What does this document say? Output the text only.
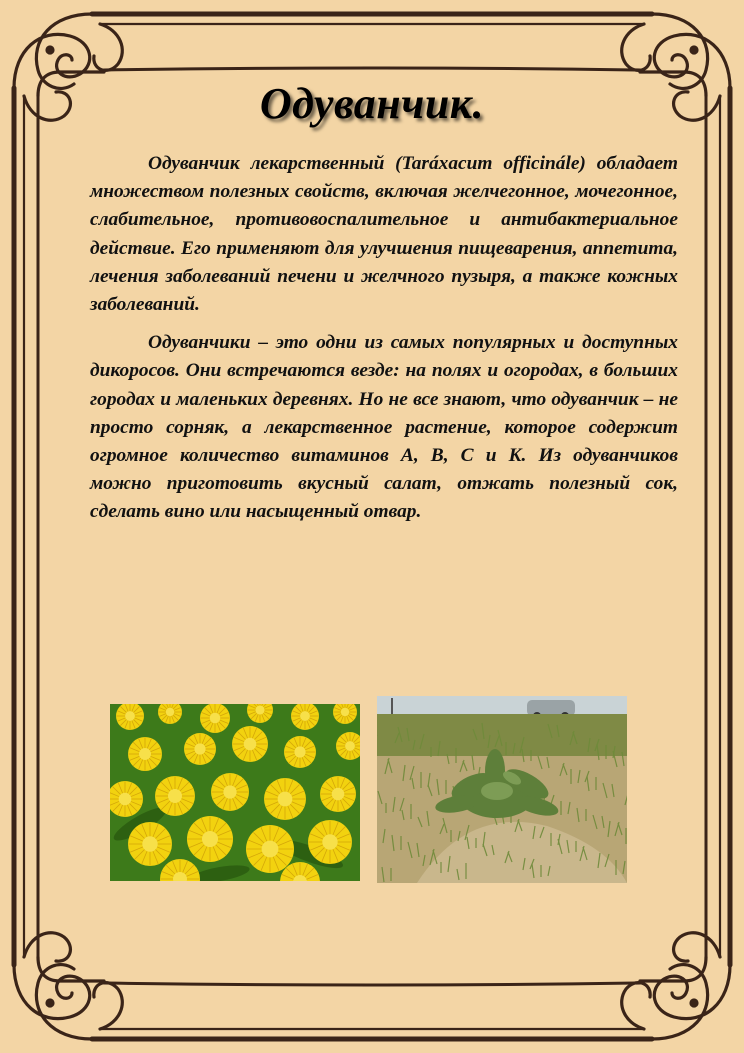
Одуванчик.

Одуванчик лекарственный (Taráxacum officinále) обладает множеством полезных свойств, включая желчегонное, мочегонное, слабительное, противовоспалительное и антибактериальное действие. Его применяют для улучшения пищеварения, аппетита, лечения заболеваний печени и желчного пузыря, а также кожных заболеваний.

Одуванчики – это одни из самых популярных и доступных дикоросов. Они встречаются везде: на полях и огородах, в больших городах и маленьких деревнях. Но не все знают, что одуванчик – не просто сорняк, а лекарственное растение, которое содержит огромное количество витаминов A, B, C и K. Из одуванчиков можно приготовить вкусный салат, отжать полезный сок, сделать вино или насыщенный отвар.
